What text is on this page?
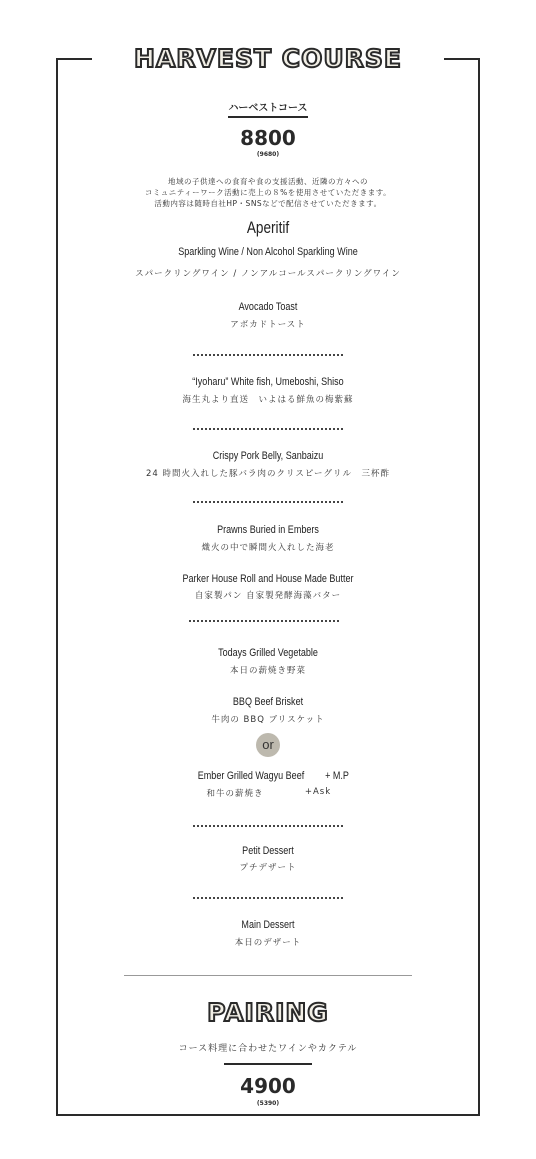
HARVEST COURSE
ハーベストコース
8800
(9680)
地域の子供達への食育や食の支援活動、近隣の方々への
コミュニティーワーク活動に売上の８%を使用させていただきます。
活動内容は随時自社HP・SNSなどで配信させていただきます。
Aperitif
Sparkling Wine / Non Alcohol Sparkling Wine
スパークリングワイン / ノンアルコールスパークリングワイン
Avocado Toast
アボカドトースト
“Iyoharu” White fish, Umeboshi, Shiso
海生丸より直送　いよはる鮮魚の梅紫蘇
Crispy Pork Belly, Sanbaizu
24 時間火入れした豚バラ肉のクリスピーグリル　三杯酢
Prawns Buried in Embers
熾火の中で瞬間火入れした海老
Parker House Roll and House Made Butter
自家製パン 自家製発酵海藻バター
Todays Grilled Vegetable
本日の薪焼き野菜
BBQ Beef Brisket
牛肉の BBQ ブリスケット
or
Ember Grilled Wagyu Beef	+ M.P
和牛の薪焼き	+Ask
Petit Dessert
プチデザート
Main Dessert
本日のデザート
PAIRING
コース料理に合わせたワインやカクテル
4900
(5390)
